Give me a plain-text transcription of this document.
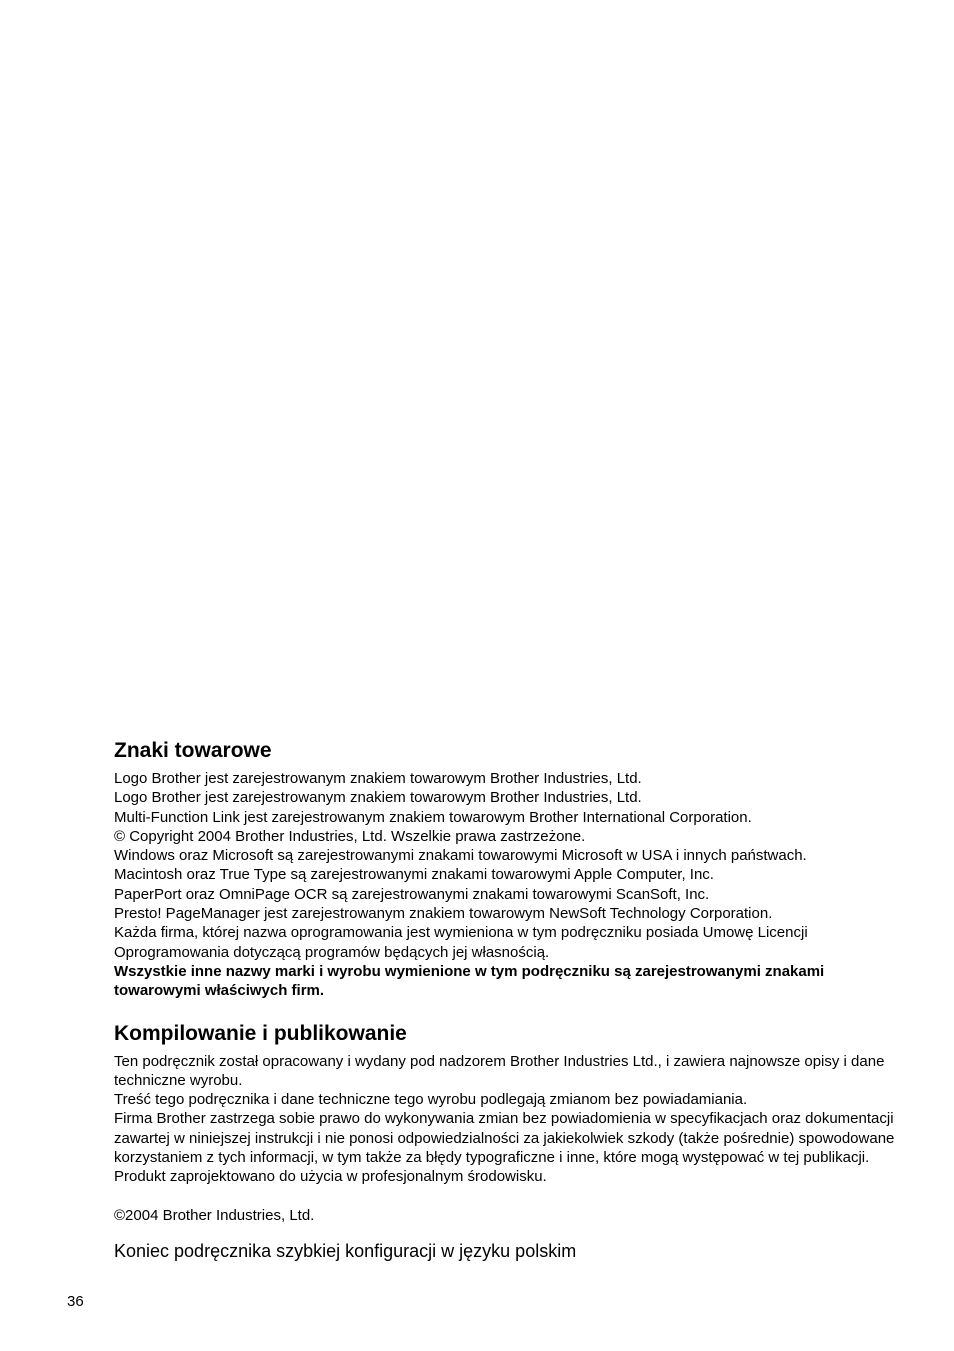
Znaki towarowe

Logo Brother jest zarejestrowanym znakiem towarowym Brother Industries, Ltd.

Logo Brother jest zarejestrowanym znakiem towarowym Brother Industries, Ltd.

Multi-Function Link jest zarejestrowanym znakiem towarowym Brother International Corporation.

© Copyright 2004 Brother Industries, Ltd. Wszelkie prawa zastrzeżone.

Windows oraz Microsoft są zarejestrowanymi znakami towarowymi Microsoft w USA i innych państwach.

Macintosh oraz True Type są zarejestrowanymi znakami towarowymi Apple Computer, Inc.

PaperPort oraz OmniPage OCR są zarejestrowanymi znakami towarowymi ScanSoft, Inc.

Presto! PageManager jest zarejestrowanym znakiem towarowym NewSoft Technology Corporation.

Każda firma, której nazwa oprogramowania jest wymieniona w tym podręczniku posiada Umowę Licencji Oprogramowania dotyczącą programów będących jej własnością.

Wszystkie inne nazwy marki i wyrobu wymienione w tym podręczniku są zarejestrowanymi znakami towarowymi właściwych firm.

Kompilowanie i publikowanie

Ten podręcznik został opracowany i wydany pod nadzorem Brother Industries Ltd., i zawiera najnowsze opisy i dane techniczne wyrobu.

Treść tego podręcznika i dane techniczne tego wyrobu podlegają zmianom bez powiadamiania.

Firma Brother zastrzega sobie prawo do wykonywania zmian bez powiadomienia w specyfikacjach oraz dokumentacji zawartej w niniejszej instrukcji i nie ponosi odpowiedzialności za jakiekolwiek szkody (także pośrednie) spowodowane korzystaniem z tych informacji, w tym także za błędy typograficzne i inne, które mogą występować w tej publikacji.

Produkt zaprojektowano do użycia w profesjonalnym środowisku.

©2004 Brother Industries, Ltd.
Koniec podręcznika szybkiej konfiguracji w języku polskim
36
